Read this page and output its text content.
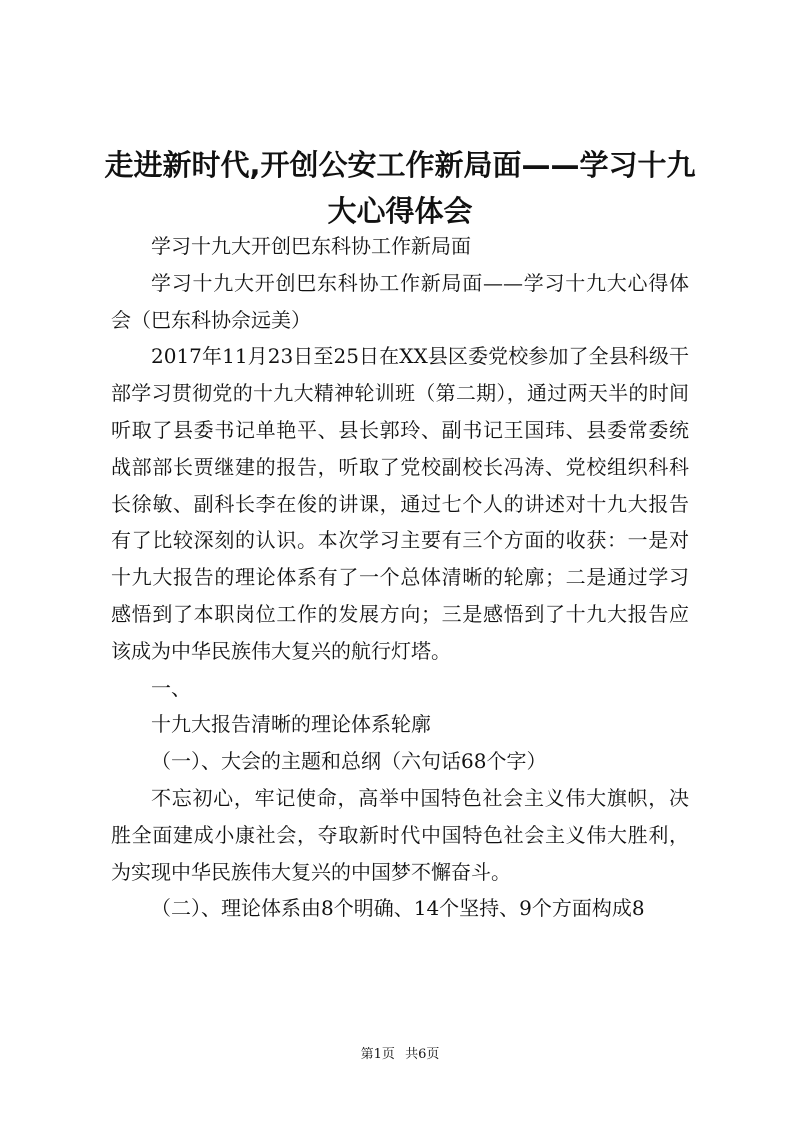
走进新时代,开创公安工作新局面——学习十九大心得体会

学习十九大开创巴东科协工作新局面

学习十九大开创巴东科协工作新局面——学习十九大心得体会（巴东科协佘远美）

2017年11月23日至25日在XX县区委党校参加了全县科级干部学习贯彻党的十九大精神轮训班（第二期），通过两天半的时间听取了县委书记单艳平、县长郭玲、副书记王国玮、县委常委统战部部长贾继建的报告，听取了党校副校长冯涛、党校组织科科长徐敏、副科长李在俊的讲课，通过七个人的讲述对十九大报告有了比较深刻的认识。本次学习主要有三个方面的收获：一是对十九大报告的理论体系有了一个总体清晰的轮廓；二是通过学习感悟到了本职岗位工作的发展方向；三是感悟到了十九大报告应该成为中华民族伟大复兴的航行灯塔。

一、

十九大报告清晰的理论体系轮廓

（一）、大会的主题和总纲（六句话68个字）

不忘初心，牢记使命，高举中国特色社会主义伟大旗帜，决胜全面建成小康社会，夺取新时代中国特色社会主义伟大胜利，为实现中华民族伟大复兴的中国梦不懈奋斗。

（二）、理论体系由8个明确、14个坚持、9个方面构成8

第1页 共6页
